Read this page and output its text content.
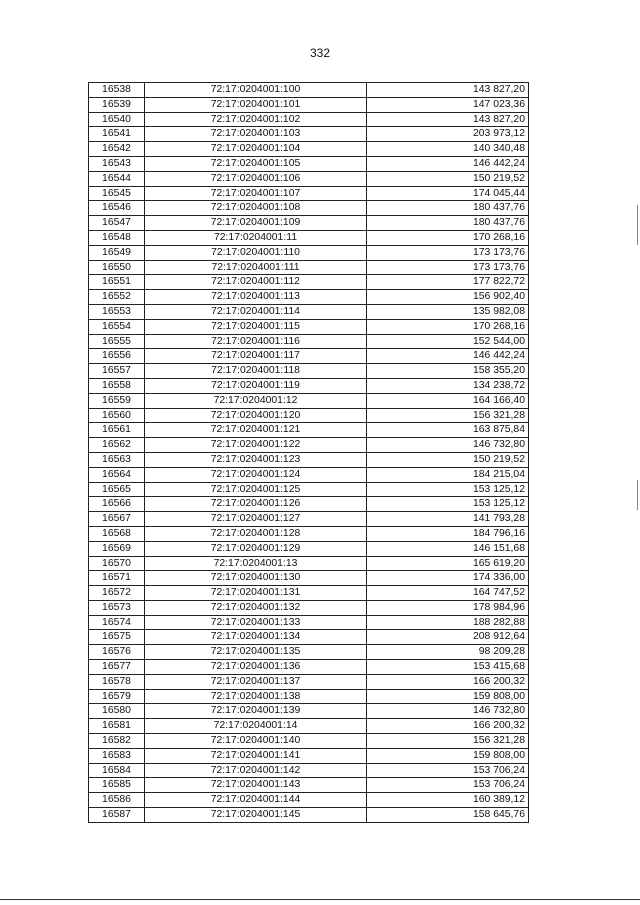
332
16538	72:17:0204001:100	143 827,20
16539	72:17:0204001:101	147 023,36
16540	72:17:0204001:102	143 827,20
16541	72:17:0204001:103	203 973,12
16542	72:17:0204001:104	140 340,48
16543	72:17:0204001:105	146 442,24
16544	72:17:0204001:106	150 219,52
16545	72:17:0204001:107	174 045,44
16546	72:17:0204001:108	180 437,76
16547	72:17:0204001:109	180 437,76
16548	72:17:0204001:11	170 268,16
16549	72:17:0204001:110	173 173,76
16550	72:17:0204001:111	173 173,76
16551	72:17:0204001:112	177 822,72
16552	72:17:0204001:113	156 902,40
16553	72:17:0204001:114	135 982,08
16554	72:17:0204001:115	170 268,16
16555	72:17:0204001:116	152 544,00
16556	72:17:0204001:117	146 442,24
16557	72:17:0204001:118	158 355,20
16558	72:17:0204001:119	134 238,72
16559	72:17:0204001:12	164 166,40
16560	72:17:0204001:120	156 321,28
16561	72:17:0204001:121	163 875,84
16562	72:17:0204001:122	146 732,80
16563	72:17:0204001:123	150 219,52
16564	72:17:0204001:124	184 215,04
16565	72:17:0204001:125	153 125,12
16566	72:17:0204001:126	153 125,12
16567	72:17:0204001:127	141 793,28
16568	72:17:0204001:128	184 796,16
16569	72:17:0204001:129	146 151,68
16570	72:17:0204001:13	165 619,20
16571	72:17:0204001:130	174 336,00
16572	72:17:0204001:131	164 747,52
16573	72:17:0204001:132	178 984,96
16574	72:17:0204001:133	188 282,88
16575	72:17:0204001:134	208 912,64
16576	72:17:0204001:135	98 209,28
16577	72:17:0204001:136	153 415,68
16578	72:17:0204001:137	166 200,32
16579	72:17:0204001:138	159 808,00
16580	72:17:0204001:139	146 732,80
16581	72:17:0204001:14	166 200,32
16582	72:17:0204001:140	156 321,28
16583	72:17:0204001:141	159 808,00
16584	72:17:0204001:142	153 706,24
16585	72:17:0204001:143	153 706,24
16586	72:17:0204001:144	160 389,12
16587	72:17:0204001:145	158 645,76
